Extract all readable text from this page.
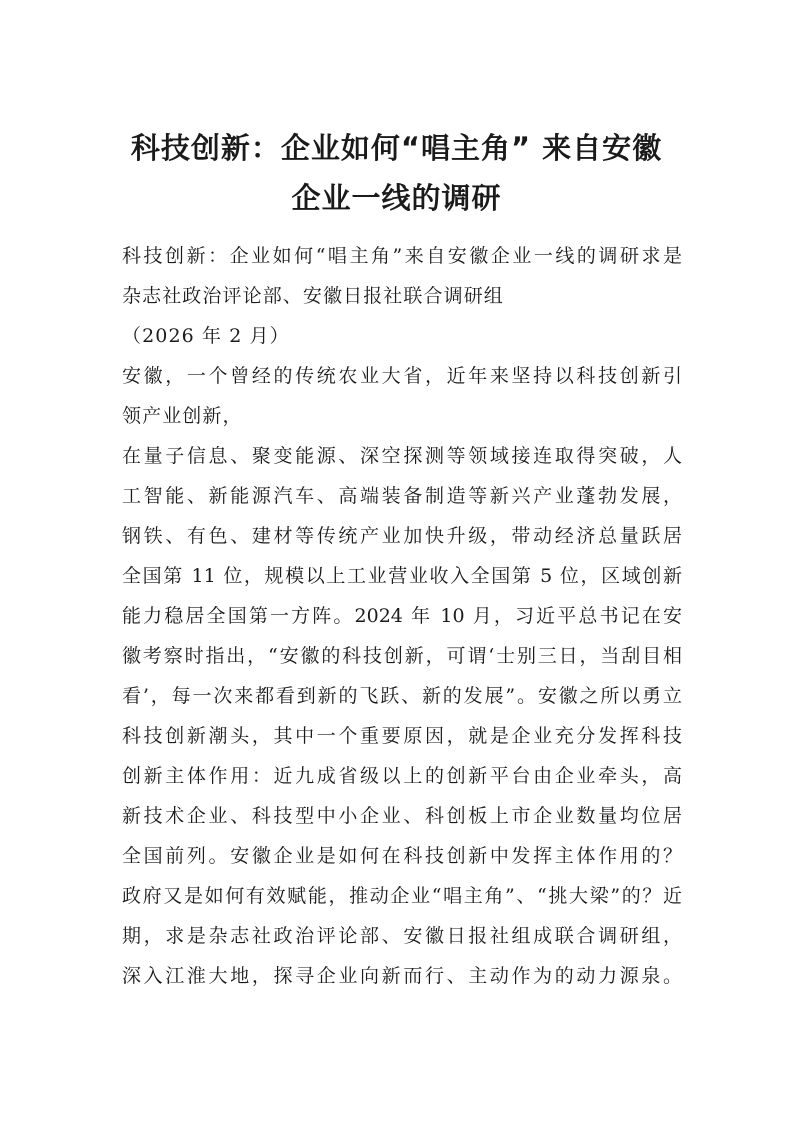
科技创新：企业如何“唱主角” 来自安徽
企业一线的调研

科技创新：企业如何“唱主角”来自安徽企业一线的调研求是

杂志社政治评论部、安徽日报社联合调研组

（2026 年 2 月）

安徽，一个曾经的传统农业大省，近年来坚持以科技创新引

领产业创新，

在量子信息、聚变能源、深空探测等领域接连取得突破，人

工智能、新能源汽车、高端装备制造等新兴产业蓬勃发展，

钢铁、有色、建材等传统产业加快升级，带动经济总量跃居

全国第 11 位，规模以上工业营业收入全国第 5 位，区域创新

能力稳居全国第一方阵。2024 年 10 月，习近平总书记在安

徽考察时指出，“安徽的科技创新，可谓‘士别三日，当刮目相

看’，每一次来都看到新的飞跃、新的发展”。安徽之所以勇立

科技创新潮头，其中一个重要原因，就是企业充分发挥科技

创新主体作用：近九成省级以上的创新平台由企业牵头，高

新技术企业、科技型中小企业、科创板上市企业数量均位居

全国前列。安徽企业是如何在科技创新中发挥主体作用的？

政府又是如何有效赋能，推动企业“唱主角”、“挑大梁”的？近

期，求是杂志社政治评论部、安徽日报社组成联合调研组，

深入江淮大地，探寻企业向新而行、主动作为的动力源泉。
